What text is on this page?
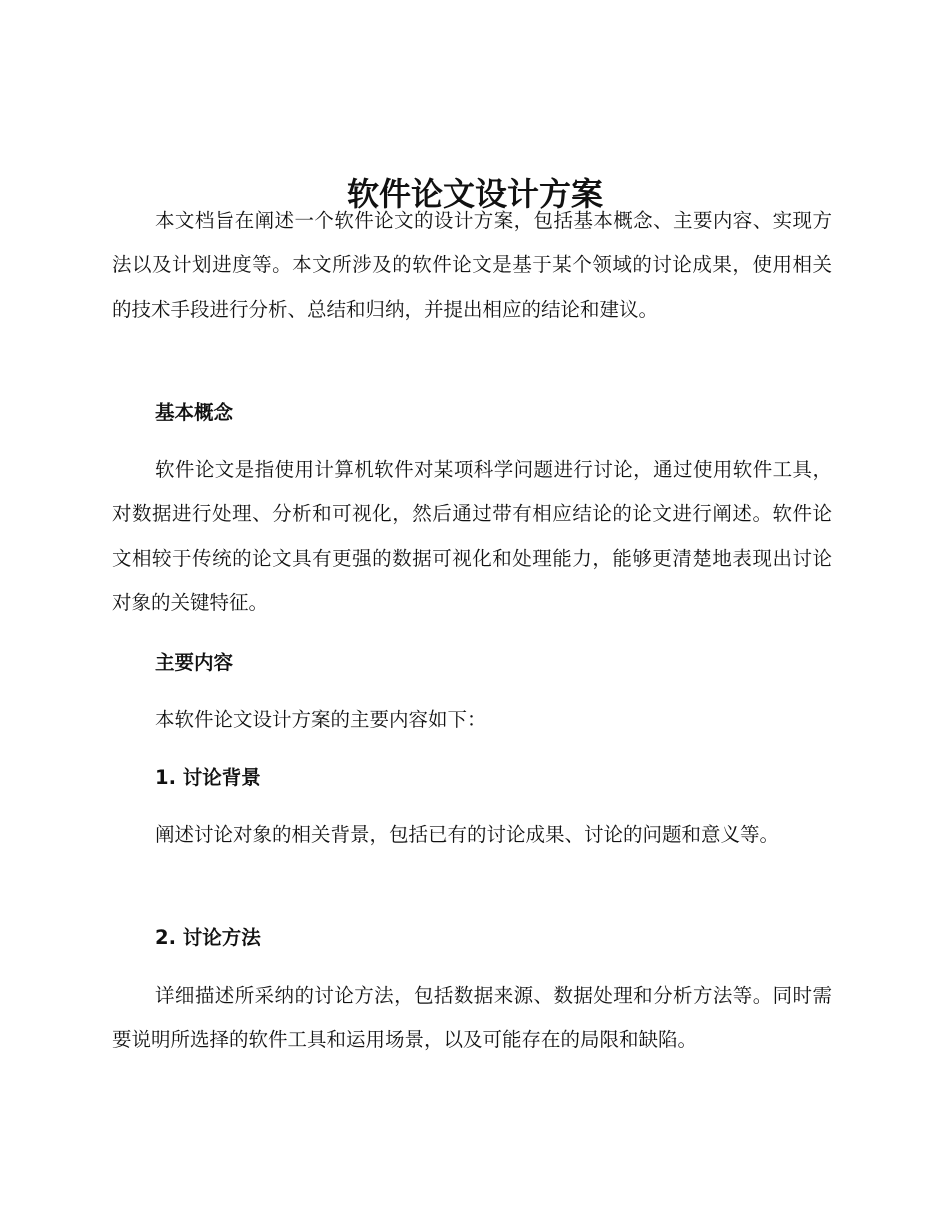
软件论文设计方案

本文档旨在阐述一个软件论文的设计方案，包括基本概念、主要内容、实现方法以及计划进度等。本文所涉及的软件论文是基于某个领域的讨论成果，使用相关的技术手段进行分析、总结和归纳，并提出相应的结论和建议。

基本概念

软件论文是指使用计算机软件对某项科学问题进行讨论，通过使用软件工具，对数据进行处理、分析和可视化，然后通过带有相应结论的论文进行阐述。软件论文相较于传统的论文具有更强的数据可视化和处理能力，能够更清楚地表现出讨论对象的关键特征。

主要内容

本软件论文设计方案的主要内容如下：

1. 讨论背景

阐述讨论对象的相关背景，包括已有的讨论成果、讨论的问题和意义等。

2. 讨论方法

详细描述所采纳的讨论方法，包括数据来源、数据处理和分析方法等。同时需要说明所选择的软件工具和运用场景，以及可能存在的局限和缺陷。
